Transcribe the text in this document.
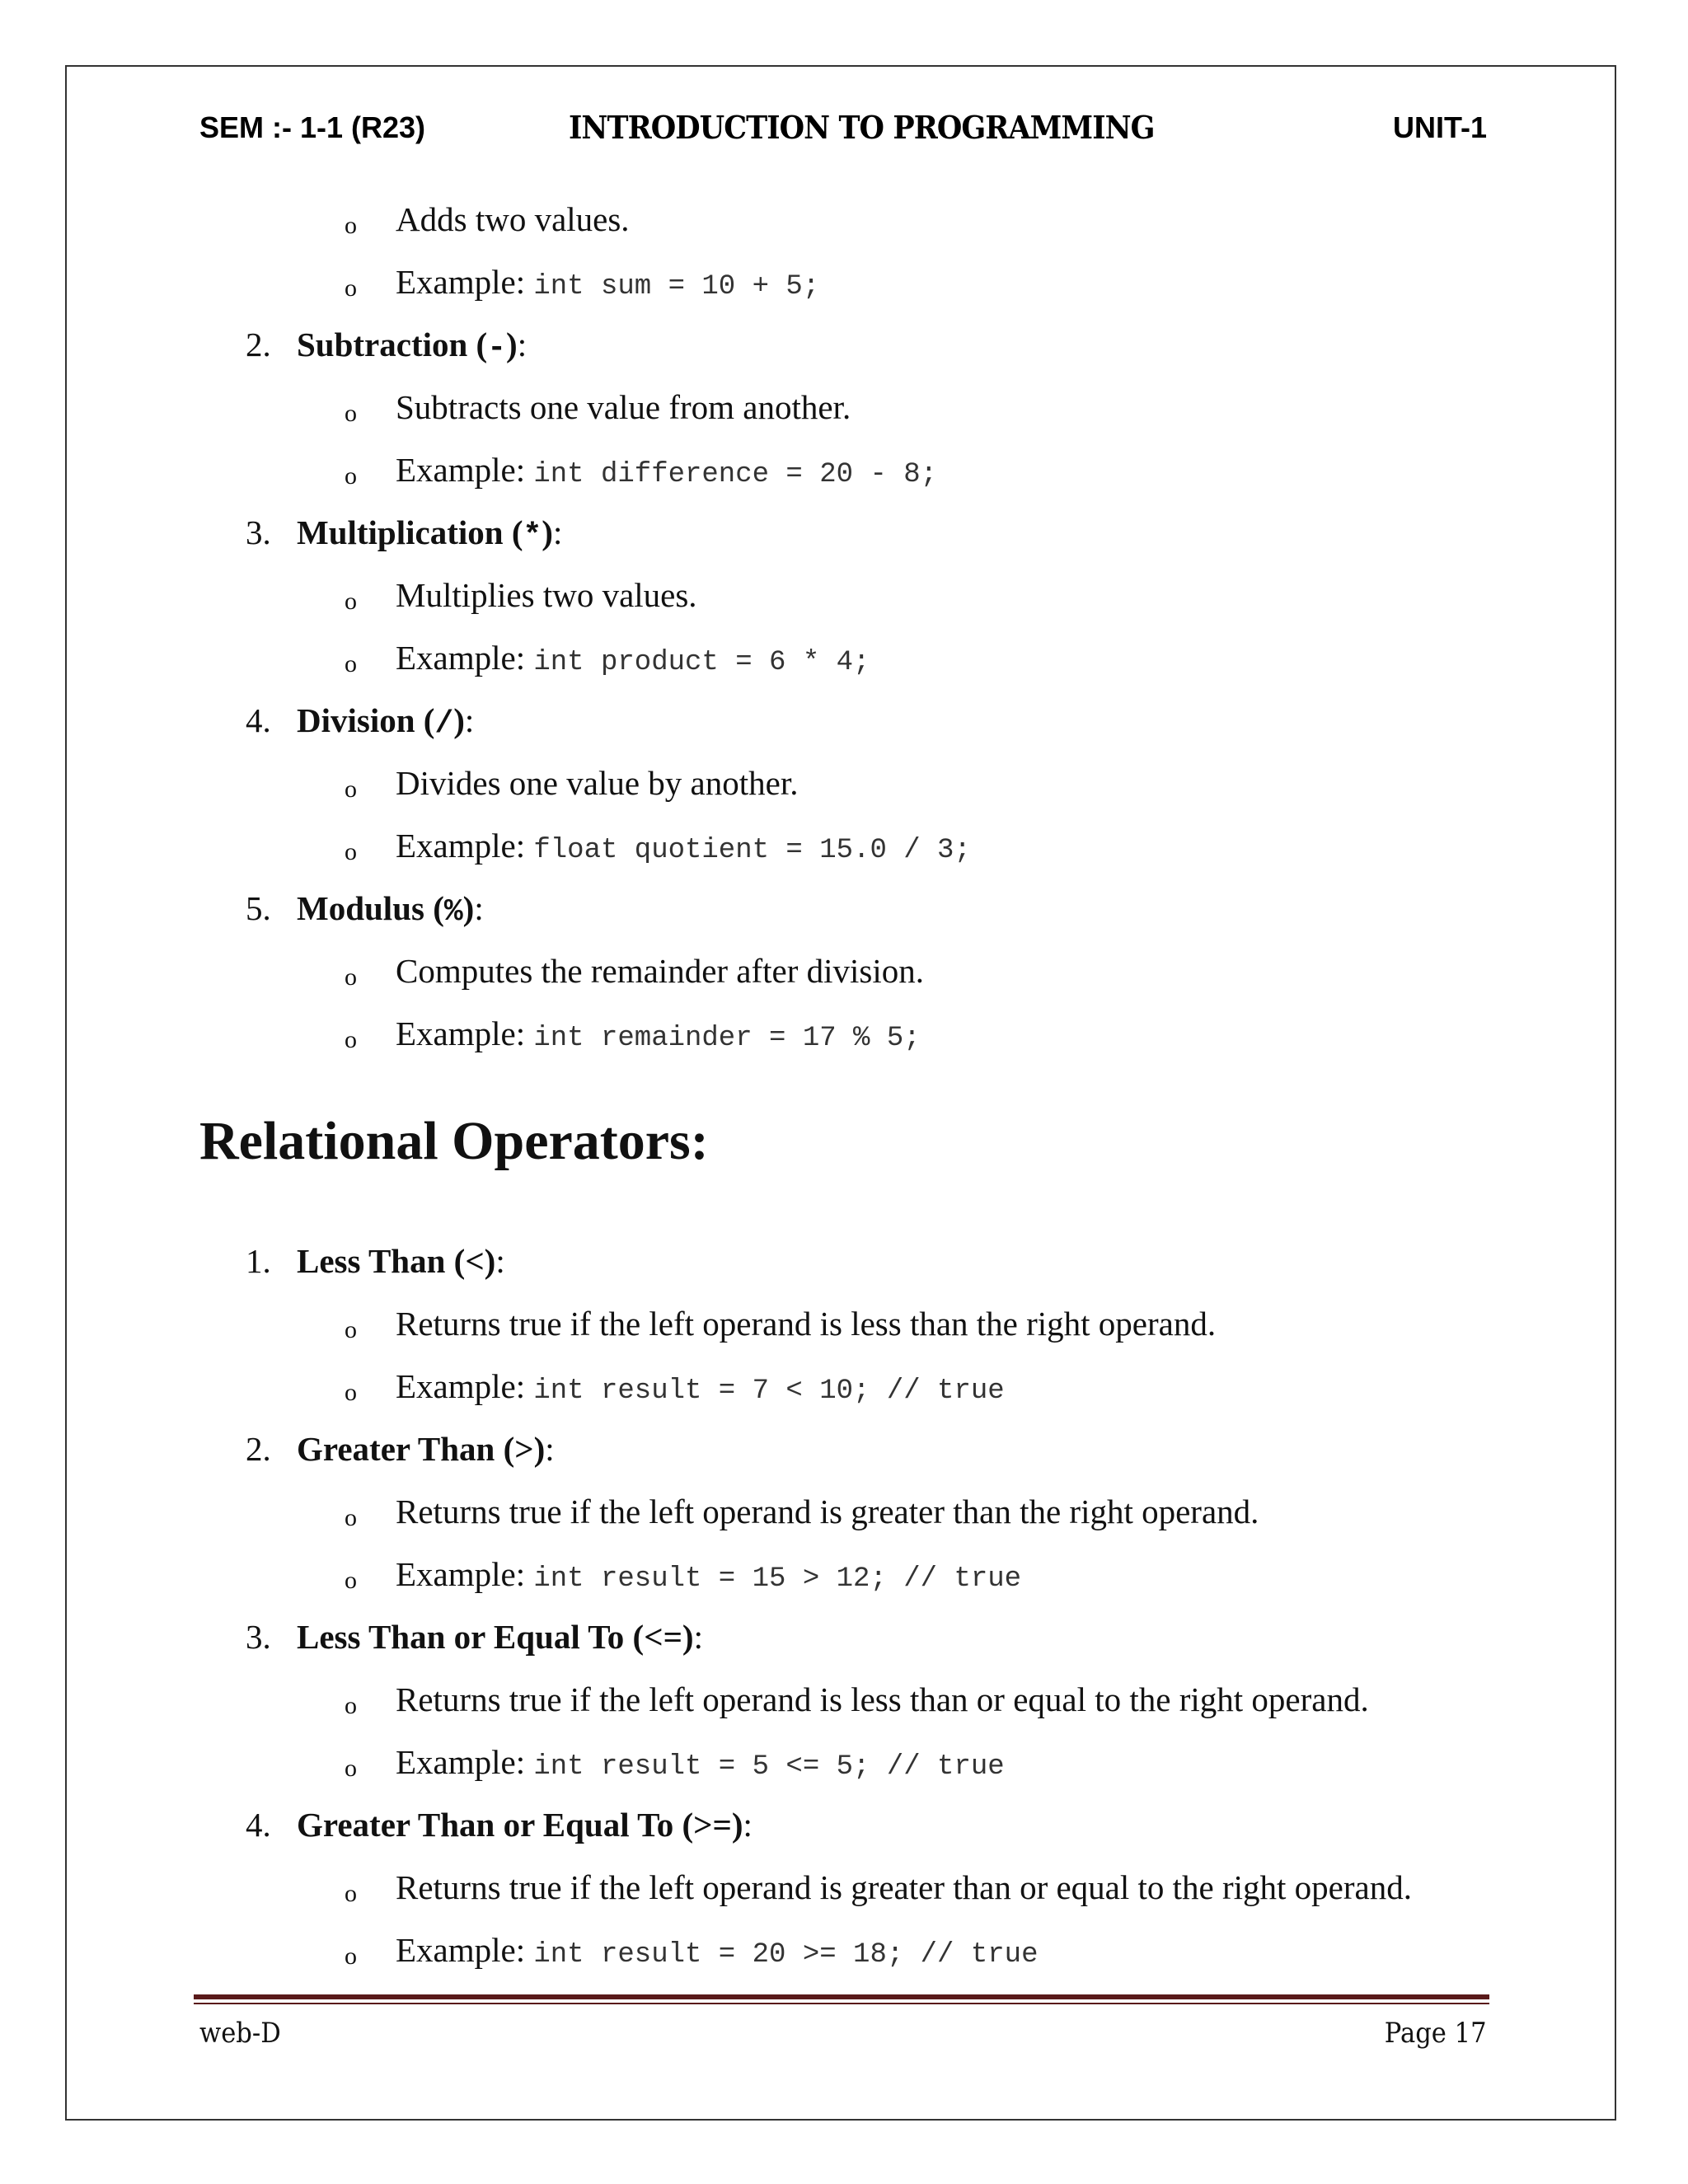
SEM :- 1-1 (R23)	INTRODUCTION TO PROGRAMMING	UNIT-1
o Adds two values.
o Example: int sum = 10 + 5;
2. Subtraction (-):
o Subtracts one value from another.
o Example: int difference = 20 - 8;
3. Multiplication (*):
o Multiplies two values.
o Example: int product = 6 * 4;
4. Division (/):
o Divides one value by another.
o Example: float quotient = 15.0 / 3;
5. Modulus (%):
o Computes the remainder after division.
o Example: int remainder = 17 % 5;
Relational Operators:
1. Less Than (<):
o Returns true if the left operand is less than the right operand.
o Example: int result = 7 < 10; // true
2. Greater Than (>):
o Returns true if the left operand is greater than the right operand.
o Example: int result = 15 > 12; // true
3. Less Than or Equal To (<=):
o Returns true if the left operand is less than or equal to the right operand.
o Example: int result = 5 <= 5; // true
4. Greater Than or Equal To (>=):
o Returns true if the left operand is greater than or equal to the right operand.
o Example: int result = 20 >= 18; // true
web-D	Page 17
